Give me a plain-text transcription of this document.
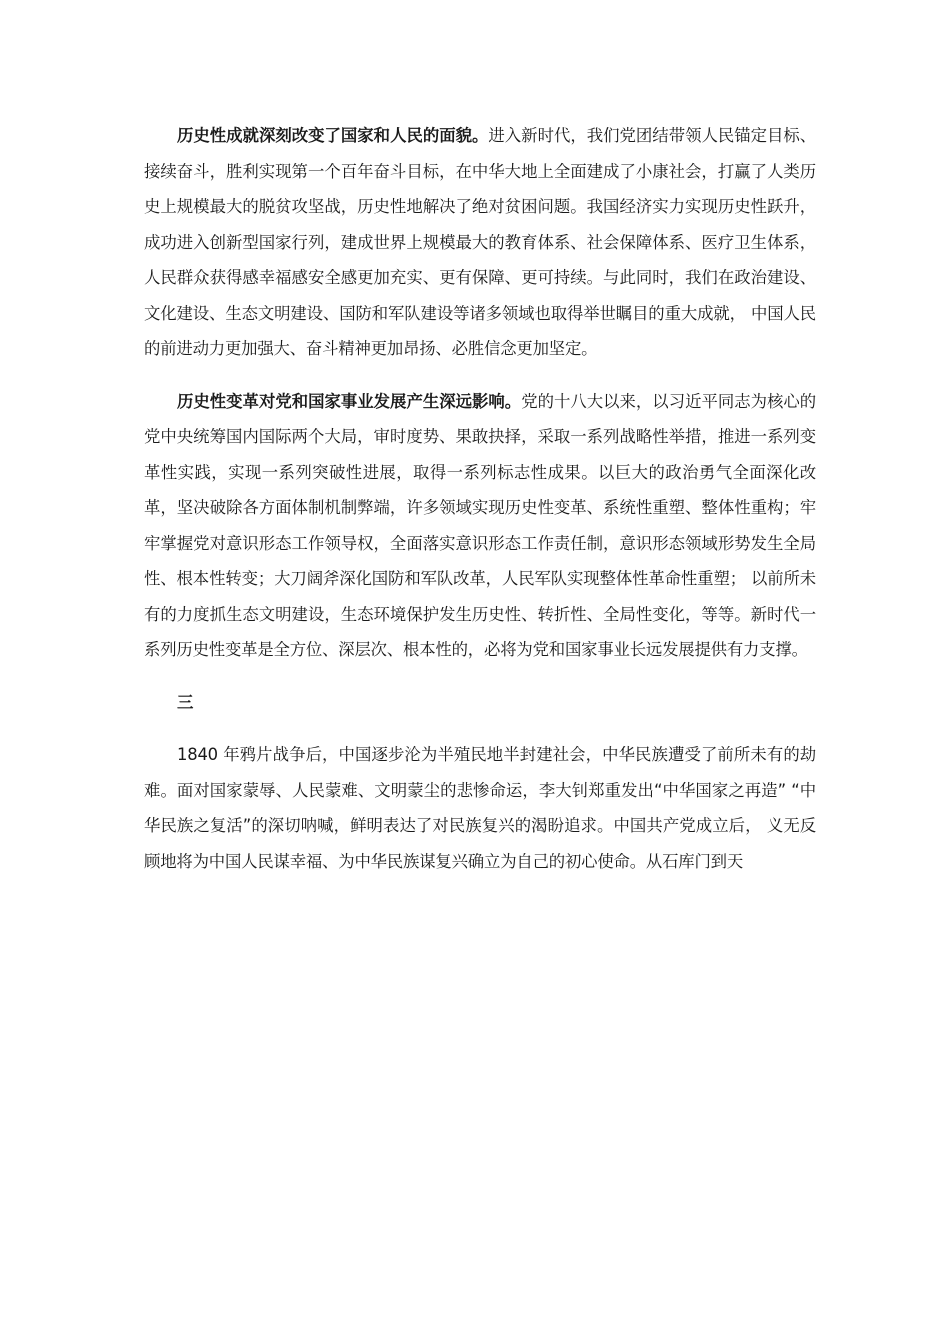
历史性成就深刻改变了国家和人民的面貌。进入新时代，我们党团结带领人民锚定目标、接续奋斗，胜利实现第一个百年奋斗目标，在中华大地上全面建成了小康社会，打赢了人类历史上规模最大的脱贫攻坚战，历史性地解决了绝对贫困问题。我国经济实力实现历史性跃升，成功进入创新型国家行列，建成世界上规模最大的教育体系、社会保障体系、医疗卫生体系，人民群众获得感幸福感安全感更加充实、更有保障、更可持续。与此同时，我们在政治建设、文化建设、生态文明建设、国防和军队建设等诸多领域也取得举世瞩目的重大成就， 中国人民的前进动力更加强大、奋斗精神更加昂扬、必胜信念更加坚定。

历史性变革对党和国家事业发展产生深远影响。党的十八大以来，以习近平同志为核心的党中央统筹国内国际两个大局，审时度势、果敢抉择，采取一系列战略性举措，推进一系列变革性实践，实现一系列突破性进展，取得一系列标志性成果。以巨大的政治勇气全面深化改革，坚决破除各方面体制机制弊端，许多领域实现历史性变革、系统性重塑、整体性重构；牢牢掌握党对意识形态工作领导权，全面落实意识形态工作责任制，意识形态领域形势发生全局性、根本性转变；大刀阔斧深化国防和军队改革，人民军队实现整体性革命性重塑； 以前所未有的力度抓生态文明建设，生态环境保护发生历史性、转折性、全局性变化，等等。新时代一系列历史性变革是全方位、深层次、根本性的，必将为党和国家事业长远发展提供有力支撑。

三

1840 年鸦片战争后，中国逐步沦为半殖民地半封建社会，中华民族遭受了前所未有的劫难。面对国家蒙辱、人民蒙难、文明蒙尘的悲惨命运，李大钊郑重发出“中华国家之再造” “中华民族之复活”的深切呐喊，鲜明表达了对民族复兴的渴盼追求。中国共产党成立后， 义无反顾地将为中国人民谋幸福、为中华民族谋复兴确立为自己的初心使命。从石库门到天
